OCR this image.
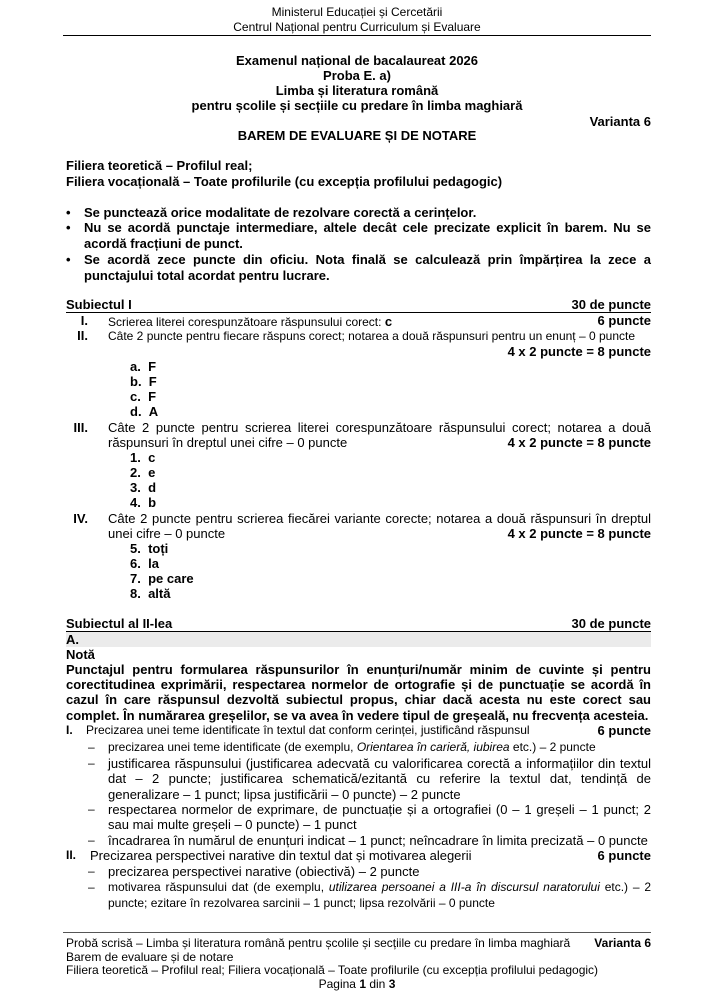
Ministerul Educației și Cercetării
Centrul Național pentru Curriculum și Evaluare
Examenul național de bacalaureat 2026
Proba E. a)
Limba și literatura română
pentru școlile și secțiile cu predare în limba maghiară
Varianta 6
BAREM DE EVALUARE ȘI DE NOTARE
Filiera teoretică – Profilul real;
Filiera vocațională – Toate profilurile (cu excepția profilului pedagogic)
• Se punctează orice modalitate de rezolvare corectă a cerințelor.
• Nu se acordă punctaje intermediare, altele decât cele precizate explicit în barem. Nu se acordă fracțiuni de punct.
• Se acordă zece puncte din oficiu. Nota finală se calculează prin împărțirea la zece a punctajului total acordat pentru lucrare.
Subiectul I	30 de puncte
I. Scrierea literei corespunzătoare răspunsului corect: c	6 puncte
II. Câte 2 puncte pentru fiecare răspuns corect; notarea a două răspunsuri pentru un enunț – 0 puncte
4 x 2 puncte = 8 puncte
a. F
b. F
c. F
d. A
III. Câte 2 puncte pentru scrierea literei corespunzătoare răspunsului corect; notarea a două
răspunsuri în dreptul unei cifre – 0 puncte	4 x 2 puncte = 8 puncte
1. c
2. e
3. d
4. b
IV. Câte 2 puncte pentru scrierea fiecărei variante corecte; notarea a două răspunsuri în dreptul
unei cifre – 0 puncte	4 x 2 puncte = 8 puncte
5. toți
6. la
7. pe care
8. altă
Subiectul al II-lea	30 de puncte
A.
Notă
Punctajul pentru formularea răspunsurilor în enunțuri/număr minim de cuvinte și pentru corectitudinea exprimării, respectarea normelor de ortografie și de punctuație se acordă în cazul în care răspunsul dezvoltă subiectul propus, chiar dacă acesta nu este corect sau complet. În numărarea greșelilor, se va avea în vedere tipul de greșeală, nu frecvența acesteia.
I. Precizarea unei teme identificate în textul dat conform cerinței, justificând răspunsul	6 puncte
– precizarea unei teme identificate (de exemplu, Orientarea în carieră, iubirea etc.) – 2 puncte
– justificarea răspunsului (justificarea adecvată cu valorificarea corectă a informațiilor din textul dat – 2 puncte; justificarea schematică/ezitantă cu referire la textul dat, tendință de generalizare – 1 punct; lipsa justificării – 0 puncte) – 2 puncte
– respectarea normelor de exprimare, de punctuație și a ortografiei (0 – 1 greșeli – 1 punct; 2 sau mai multe greșeli – 0 puncte) – 1 punct
– încadrarea în numărul de enunțuri indicat – 1 punct; neîncadrare în limita precizată – 0 puncte
II. Precizarea perspectivei narative din textul dat și motivarea alegerii	6 puncte
– precizarea perspectivei narative (obiectivă) – 2 puncte
– motivarea răspunsului dat (de exemplu, utilizarea persoanei a III-a în discursul naratorului etc.) – 2 puncte; ezitare în rezolvarea sarcinii – 1 punct; lipsa rezolvării – 0 puncte
Probă scrisă – Limba și literatura română pentru școlile și secțiile cu predare în limba maghiară Varianta 6
Barem de evaluare și de notare
Filiera teoretică – Profilul real; Filiera vocațională – Toate profilurile (cu excepția profilului pedagogic)
Pagina 1 din 3
